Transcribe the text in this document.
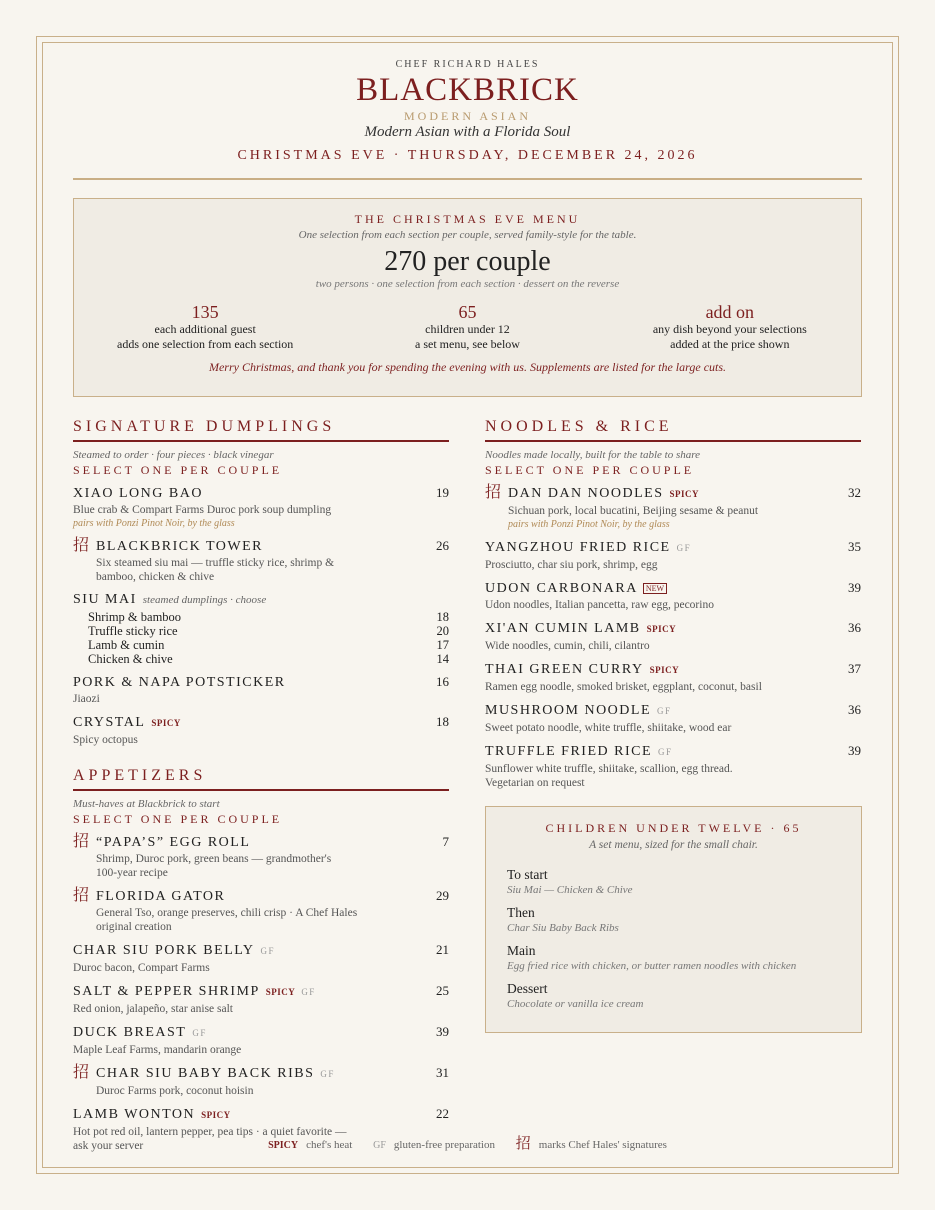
CHEF RICHARD HALES
BLACKBRICK
MODERN ASIAN
Modern Asian with a Florida Soul
CHRISTMAS EVE · THURSDAY, DECEMBER 24, 2026
THE CHRISTMAS EVE MENU
One selection from each section per couple, served family-style for the table.
270 per couple
two persons · one selection from each section · dessert on the reverse
135
each additional guest
adds one selection from each section
65
children under 12
a set menu, see below
add on
any dish beyond your selections
added at the price shown
Merry Christmas, and thank you for spending the evening with us. Supplements are listed for the large cuts.
SIGNATURE DUMPLINGS
Steamed to order · four pieces · black vinegar
SELECT ONE PER COUPLE
XIAO LONG BAO	19
Blue crab & Compart Farms Duroc pork soup dumpling
pairs with Ponzi Pinot Noir, by the glass
招 BLACKBRICK TOWER	26
Six steamed siu mai — truffle sticky rice, shrimp &
bamboo, chicken & chive
SIU MAI steamed dumplings · choose
Shrimp & bamboo	18
Truffle sticky rice	20
Lamb & cumin	17
Chicken & chive	14
PORK & NAPA POTSTICKER	16
Jiaozi
CRYSTAL SPICY	18
Spicy octopus
APPETIZERS
Must-haves at Blackbrick to start
SELECT ONE PER COUPLE
招 “PAPA’S” EGG ROLL	7
Shrimp, Duroc pork, green beans — grandmother's
100-year recipe
招 FLORIDA GATOR	29
General Tso, orange preserves, chili crisp · A Chef Hales
original creation
CHAR SIU PORK BELLY GF	21
Duroc bacon, Compart Farms
SALT & PEPPER SHRIMP SPICY GF	25
Red onion, jalapeño, star anise salt
DUCK BREAST GF	39
Maple Leaf Farms, mandarin orange
招 CHAR SIU BABY BACK RIBS GF	31
Duroc Farms pork, coconut hoisin
LAMB WONTON SPICY	22
Hot pot red oil, lantern pepper, pea tips · a quiet favorite —
ask your server
NOODLES & RICE
Noodles made locally, built for the table to share
SELECT ONE PER COUPLE
招 DAN DAN NOODLES SPICY	32
Sichuan pork, local bucatini, Beijing sesame & peanut
pairs with Ponzi Pinot Noir, by the glass
YANGZHOU FRIED RICE GF	35
Prosciutto, char siu pork, shrimp, egg
UDON CARBONARA NEW	39
Udon noodles, Italian pancetta, raw egg, pecorino
XI'AN CUMIN LAMB SPICY	36
Wide noodles, cumin, chili, cilantro
THAI GREEN CURRY SPICY	37
Ramen egg noodle, smoked brisket, eggplant, coconut, basil
MUSHROOM NOODLE GF	36
Sweet potato noodle, white truffle, shiitake, wood ear
TRUFFLE FRIED RICE GF	39
Sunflower white truffle, shiitake, scallion, egg thread.
Vegetarian on request
CHILDREN UNDER TWELVE · 65
A set menu, sized for the small chair.
To start
Siu Mai — Chicken & Chive
Then
Char Siu Baby Back Ribs
Main
Egg fried rice with chicken, or butter ramen noodles with chicken
Dessert
Chocolate or vanilla ice cream
SPICY chef's heat GF gluten-free preparation 招 marks Chef Hales' signatures
